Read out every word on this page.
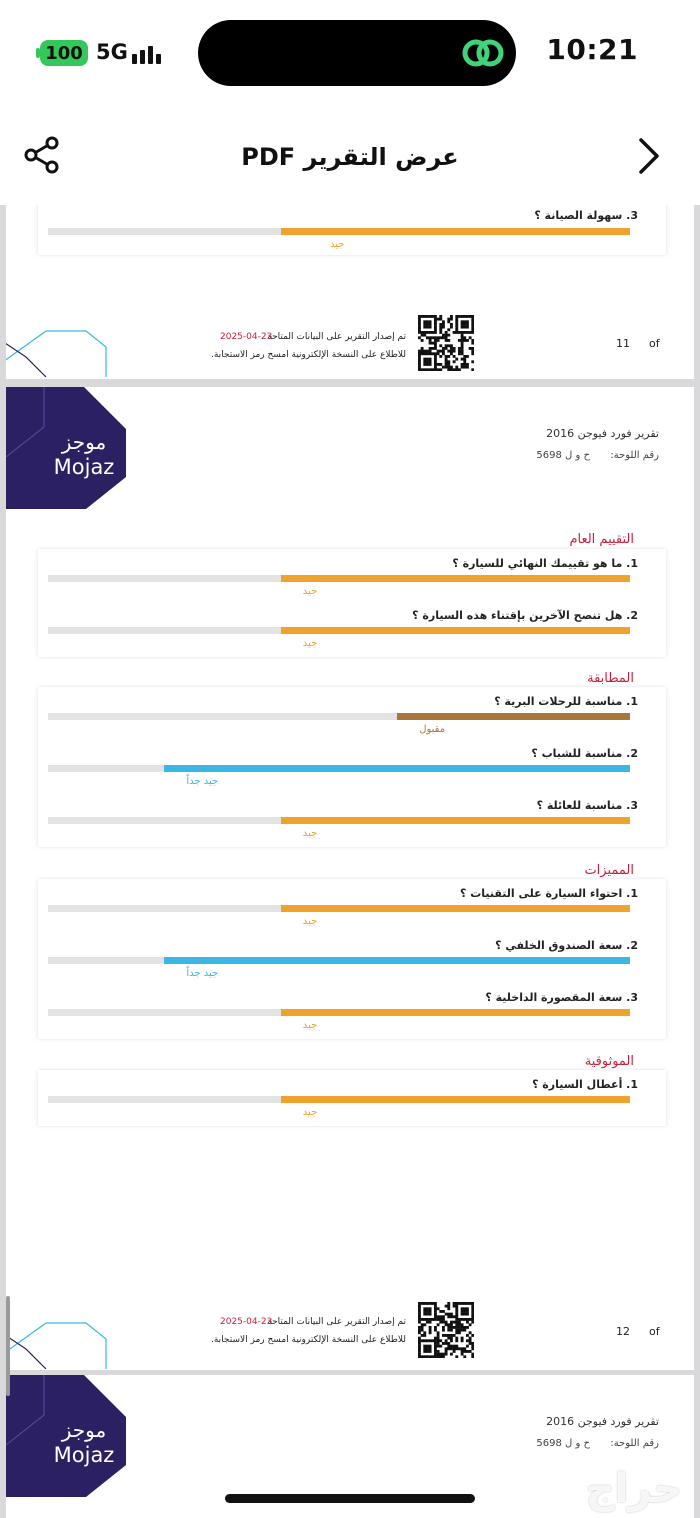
100 5G	10:21
عرض التقرير PDF
3. سهولة الصيانة ؟
جيد
تم إصدار التقرير على البيانات المتاحة
2025-04-23
للاطلاع على النسخة الإلكترونية امسح رمز الاستجابة.
11 of
موجز
Mojaz
تقرير فورد فيوجن 2016
رقم اللوحة:  ح و ل 5698
التقييم العام
1. ما هو تقييمك النهائي للسيارة ؟
جيد
2. هل تنصح الآخرين بإقتناء هذه السيارة ؟
جيد
المطابقة
1. مناسبة للرحلات البرية ؟
مقبول
2. مناسبة للشباب ؟
جيد جداً
3. مناسبة للعائلة ؟
جيد
المميزات
1. احتواء السيارة على التقنيات ؟
جيد
2. سعة الصندوق الخلفي ؟
جيد جداً
3. سعة المقصورة الداخلية ؟
جيد
الموثوقية
1. أعطال السيارة ؟
جيد
تم إصدار التقرير على البيانات المتاحة
2025-04-23
للاطلاع على النسخة الإلكترونية امسح رمز الاستجابة.
12 of
موجز
Mojaz
تقرير فورد فيوجن 2016
رقم اللوحة:  ح و ل 5698
حراج
